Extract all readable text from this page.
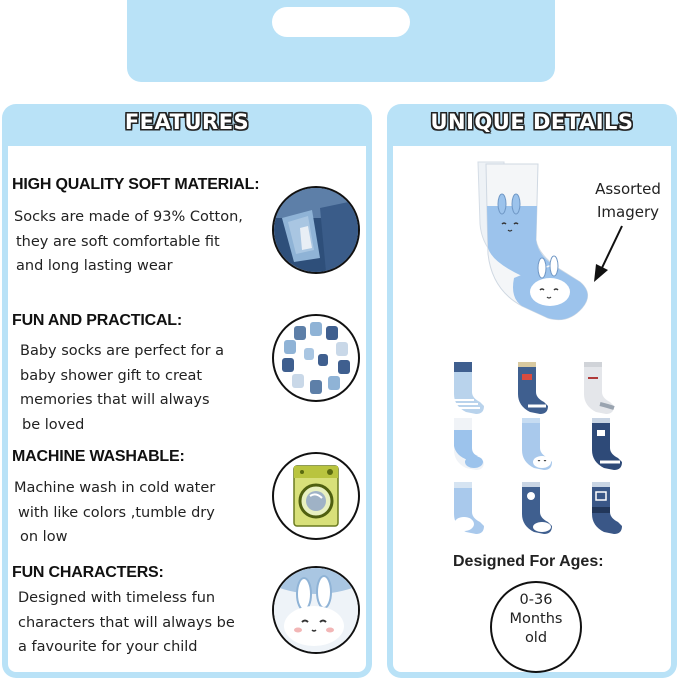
FEATURES	UNIQUE DETAILS
HIGH QUALITY SOFT MATERIAL:
Socks are made of 93% Cotton,
they are soft comfortable fit
and long lasting wear
FUN AND PRACTICAL:
Baby socks are perfect for a
baby shower gift to creat
memories that will always
be loved
MACHINE WASHABLE:
Machine wash in cold water
with like colors ,tumble dry
on low
FUN CHARACTERS:
Designed with timeless fun
characters that will always be
a favourite for your child
Assorted
Imagery
Designed For Ages:
0-36
Months
old
